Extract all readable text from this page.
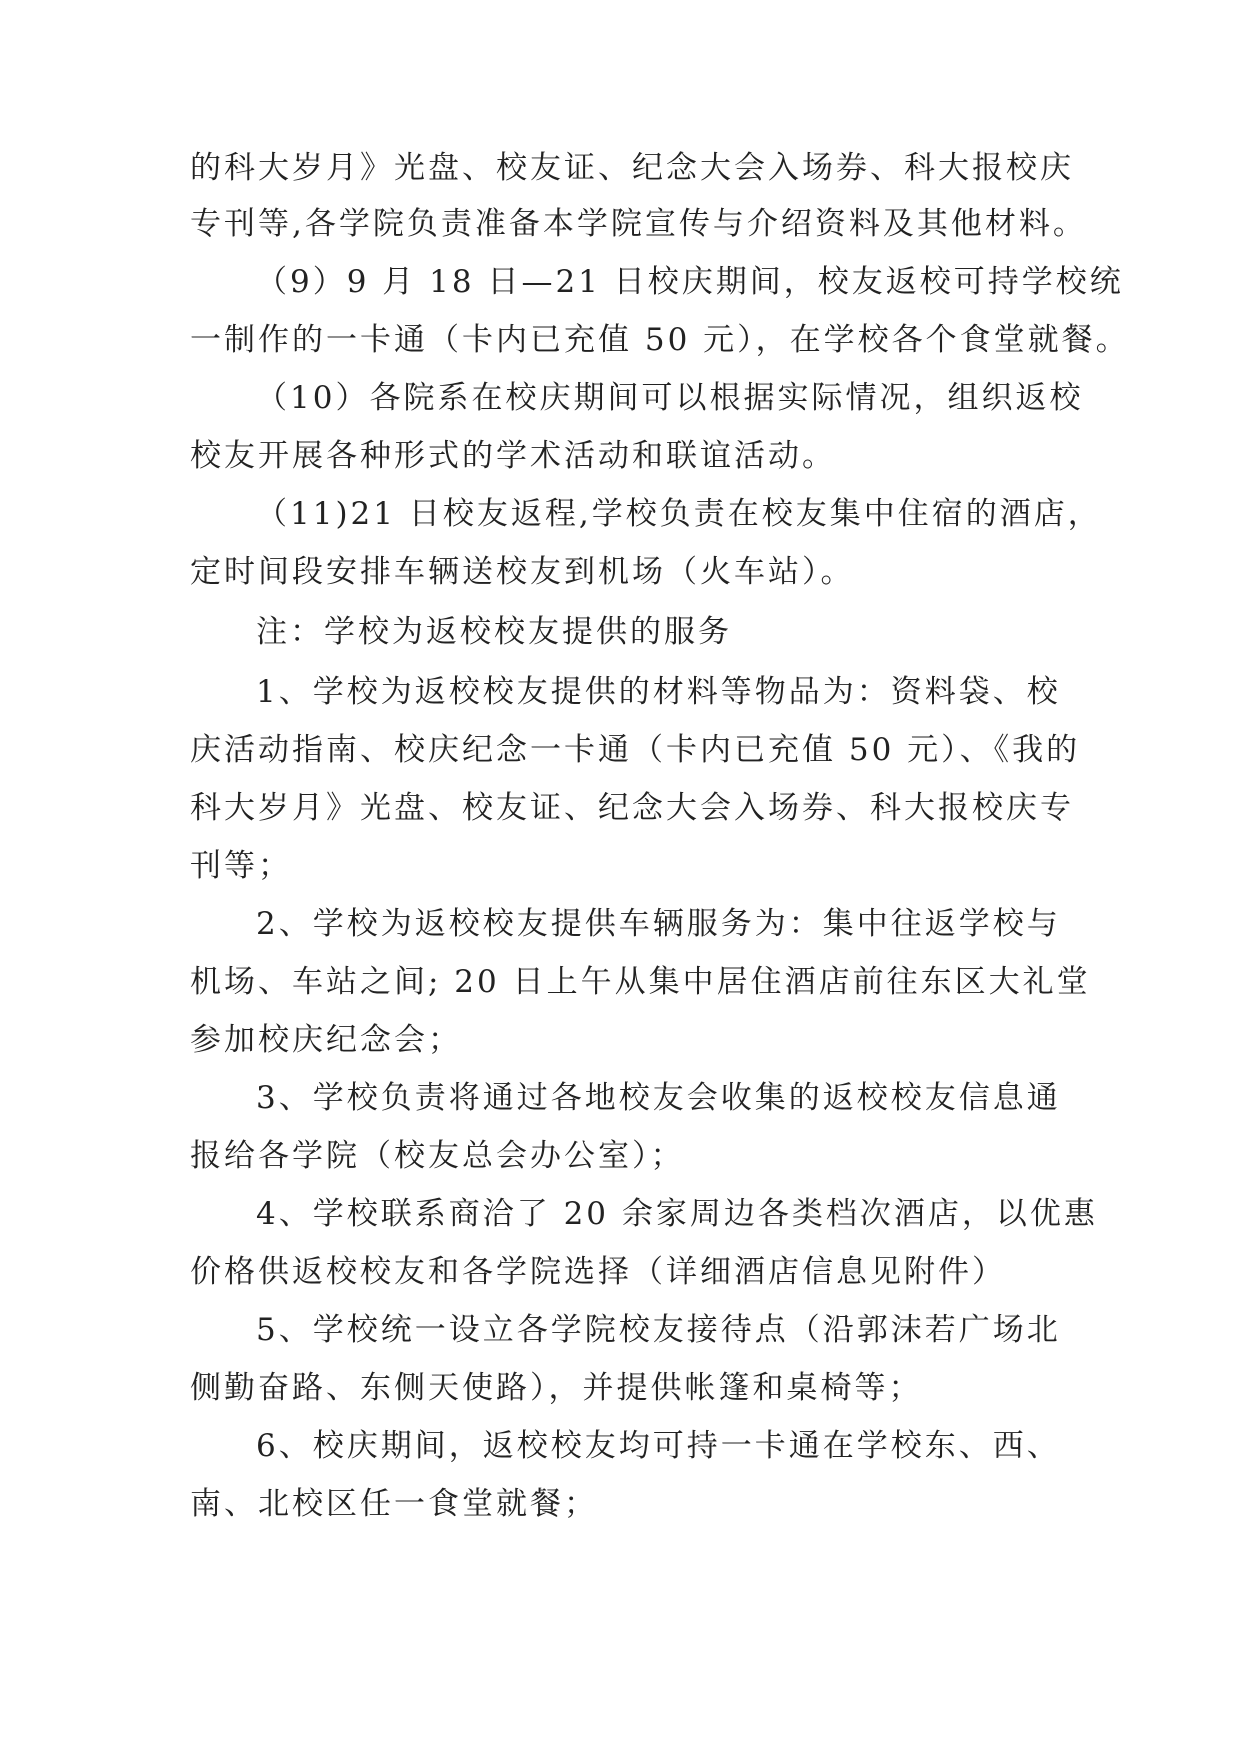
的科大岁月》光盘、校友证、纪念大会入场券、科大报校庆
专刊等,各学院负责准备本学院宣传与介绍资料及其他材料。
（9）9 月 18 日—21 日校庆期间，校友返校可持学校统
一制作的一卡通（卡内已充值 50 元），在学校各个食堂就餐。
（10）各院系在校庆期间可以根据实际情况，组织返校
校友开展各种形式的学术活动和联谊活动。
（11)21 日校友返程,学校负责在校友集中住宿的酒店，
定时间段安排车辆送校友到机场（火车站）。
注：学校为返校校友提供的服务
1、学校为返校校友提供的材料等物品为：资料袋、校
庆活动指南、校庆纪念一卡通（卡内已充值 50 元）、《我的
科大岁月》光盘、校友证、纪念大会入场券、科大报校庆专
刊等；
2、学校为返校校友提供车辆服务为：集中往返学校与
机场、车站之间; 20 日上午从集中居住酒店前往东区大礼堂
参加校庆纪念会；
3、学校负责将通过各地校友会收集的返校校友信息通
报给各学院（校友总会办公室）；
4、学校联系商洽了 20 余家周边各类档次酒店，以优惠
价格供返校校友和各学院选择（详细酒店信息见附件）
5、学校统一设立各学院校友接待点（沿郭沫若广场北
侧勤奋路、东侧天使路），并提供帐篷和桌椅等；
6、校庆期间，返校校友均可持一卡通在学校东、西、
南、北校区任一食堂就餐；
